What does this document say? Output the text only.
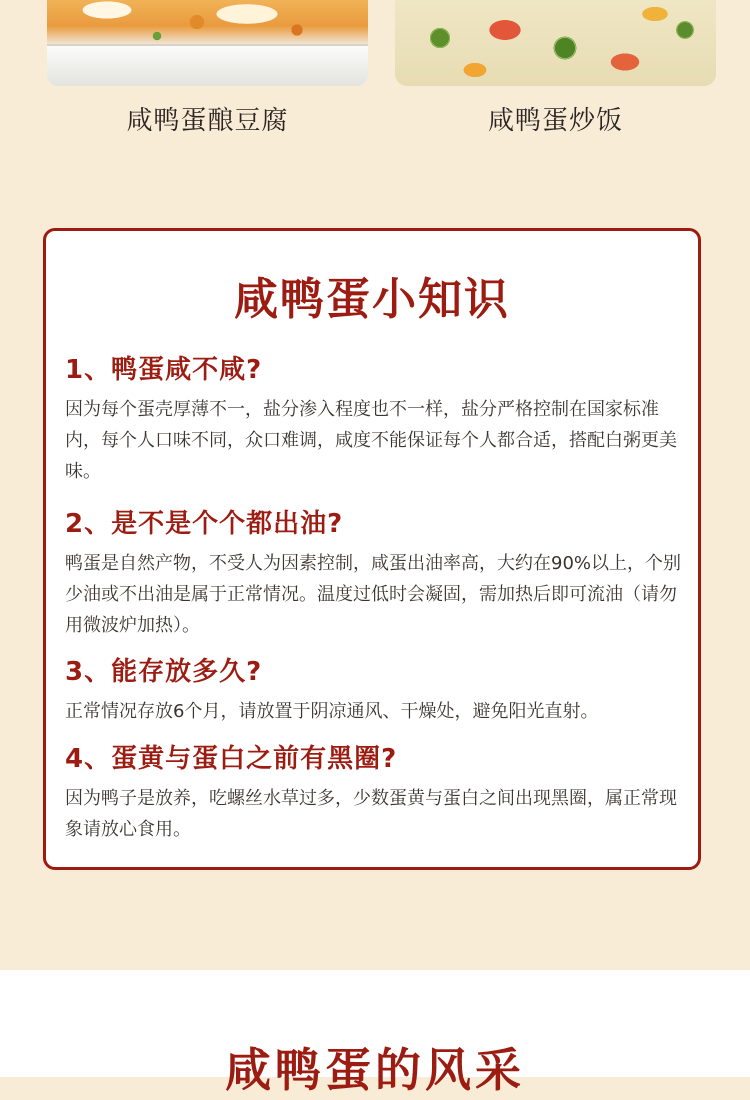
咸鸭蛋酿豆腐	咸鸭蛋炒饭
咸鸭蛋小知识
1、鸭蛋咸不咸?

因为每个蛋壳厚薄不一，盐分渗入程度也不一样，盐分严格控制在国家标准内，每个人口味不同，众口难调，咸度不能保证每个人都合适，搭配白粥更美味。

2、是不是个个都出油?

鸭蛋是自然产物，不受人为因素控制，咸蛋出油率高，大约在90%以上，个别少油或不出油是属于正常情况。温度过低时会凝固，需加热后即可流油（请勿用微波炉加热）。

3、能存放多久?

正常情况存放6个月，请放置于阴凉通风、干燥处，避免阳光直射。

4、蛋黄与蛋白之前有黑圈?

因为鸭子是放养，吃螺丝水草过多，少数蛋黄与蛋白之间出现黑圈，属正常现象请放心食用。

咸鸭蛋的风采
